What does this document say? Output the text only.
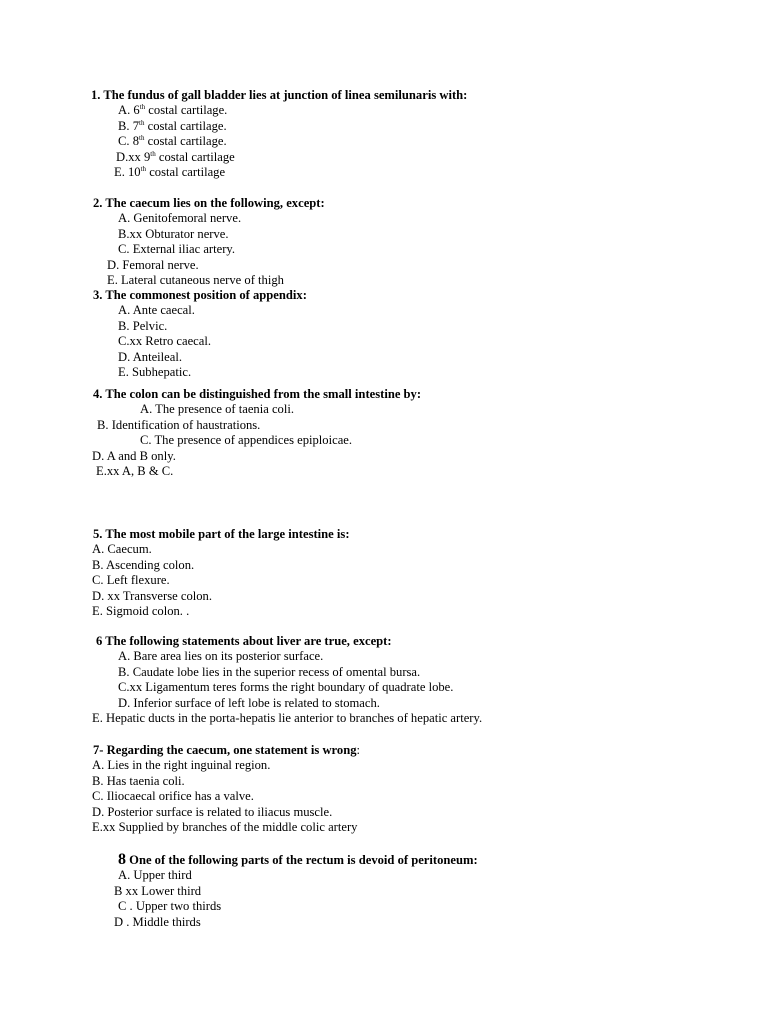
1. The fundus of gall bladder lies at junction of linea semilunaris with:
A. 6th costal cartilage.
B. 7th costal cartilage.
C. 8th costal cartilage.
D.xx 9th costal cartilage
E. 10th costal cartilage
2. The caecum lies on the following, except:
A. Genitofemoral nerve.
B.xx Obturator nerve.
C. External iliac artery.
D. Femoral nerve.
E. Lateral cutaneous nerve of thigh
3. The commonest position of appendix:
A. Ante caecal.
B. Pelvic.
C.xx Retro caecal.
D. Anteileal.
E. Subhepatic.
4. The colon can be distinguished from the small intestine by:
A. The presence of taenia coli.
B. Identification of haustrations.
C. The presence of appendices epiploicae.
D. A and B only.
E.xx A, B & C.
5. The most mobile part of the large intestine is:
A. Caecum.
B. Ascending colon.
C. Left flexure.
D. xx Transverse colon.
E. Sigmoid colon. .
6 The following statements about liver are true, except:
A. Bare area lies on its posterior surface.
B. Caudate lobe lies in the superior recess of omental bursa.
C.xx Ligamentum teres forms the right boundary of quadrate lobe.
D. Inferior surface of left lobe is related to stomach.
E. Hepatic ducts in the porta-hepatis lie anterior to branches of hepatic artery.
7- Regarding the caecum, one statement is wrong:
A. Lies in the right inguinal region.
B. Has taenia coli.
C. Iliocaecal orifice has a valve.
D. Posterior surface is related to iliacus muscle.
E.xx Supplied by branches of the middle colic artery
8 One of the following parts of the rectum is devoid of peritoneum:
A. Upper third
B xx Lower third
C . Upper two thirds
D . Middle thirds
